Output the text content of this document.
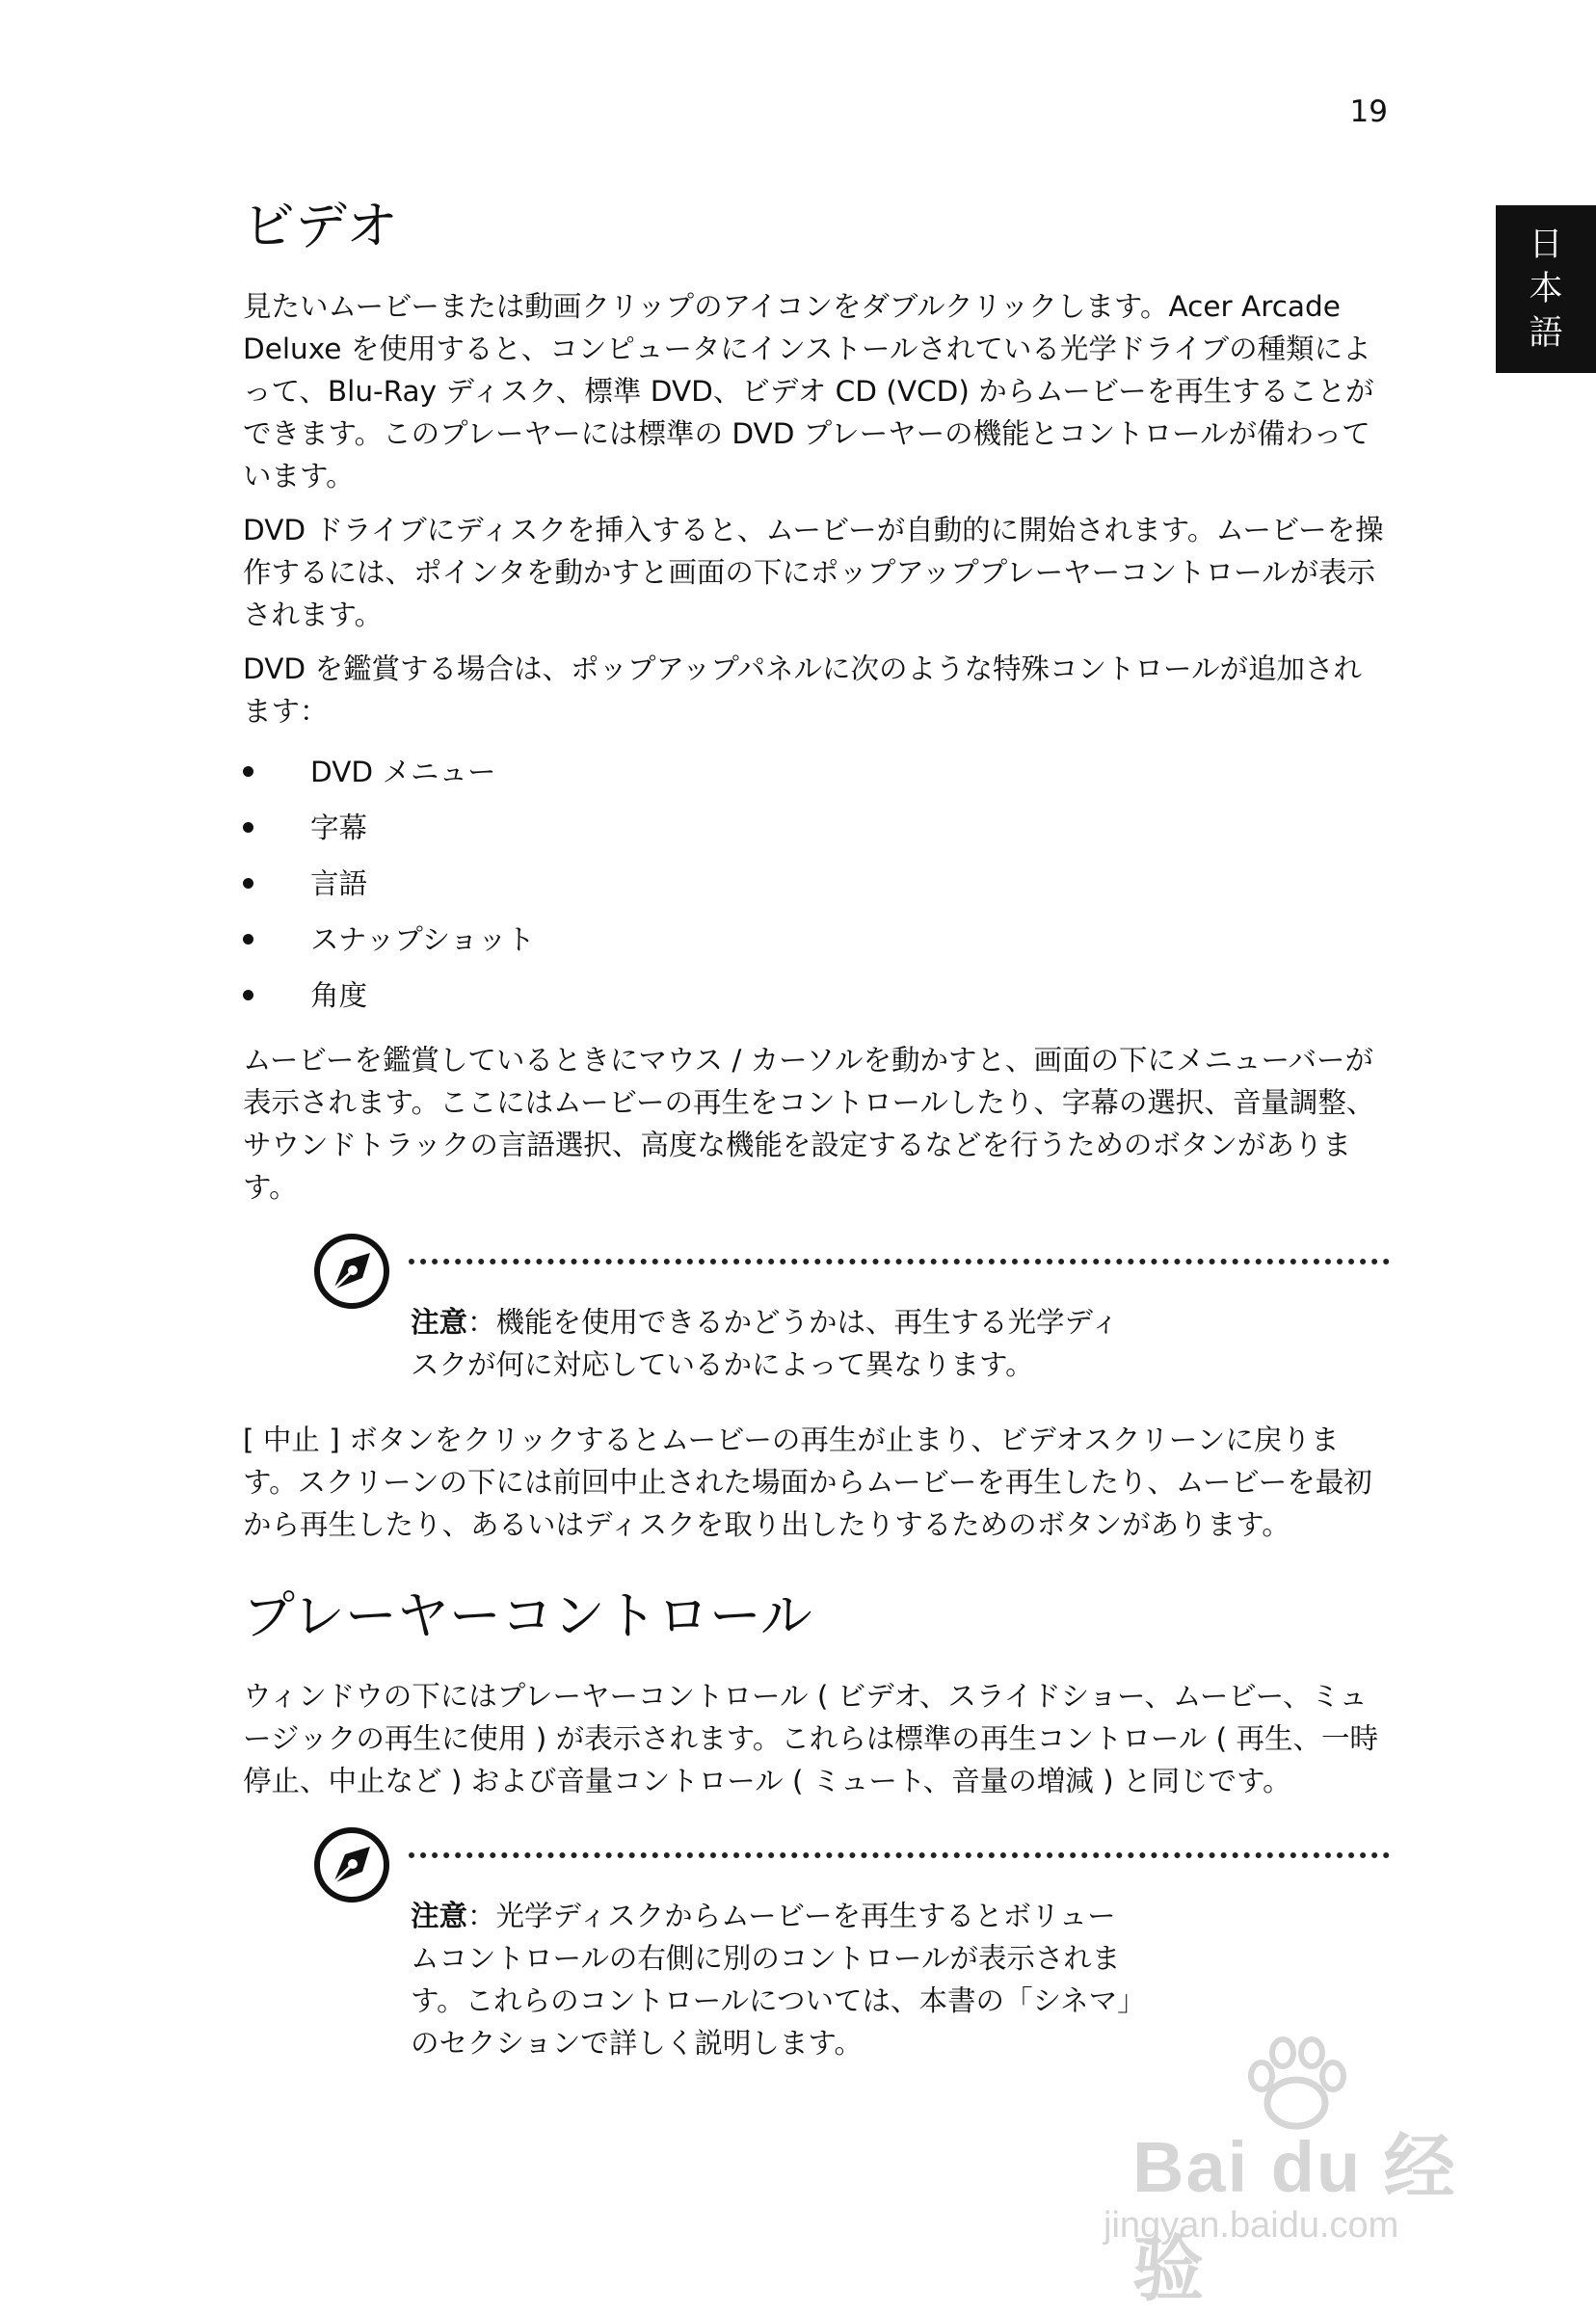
19
日
本
語
ビデオ

見たいムービーまたは動画クリップのアイコンをダブルクリックします。Acer Arcade Deluxe を使用すると、コンピュータにインストールされている光学ドライブの種類によって、Blu-Ray ディスク、標準 DVD、ビデオ CD (VCD) からムービーを再生することができます。このプレーヤーには標準の DVD プレーヤーの機能とコントロールが備わっています。

DVD ドライブにディスクを挿入すると、ムービーが自動的に開始されます。ムービーを操作するには、ポインタを動かすと画面の下にポップアッププレーヤーコントロールが表示されます。

DVD を鑑賞する場合は、ポップアップパネルに次のような特殊コントロールが追加されます：

DVD メニュー
字幕
言語
スナップショット
角度

ムービーを鑑賞しているときにマウス / カーソルを動かすと、画面の下にメニューバーが表示されます。ここにはムービーの再生をコントロールしたり、字幕の選択、音量調整、サウンドトラックの言語選択、高度な機能を設定するなどを行うためのボタンがあります。

注意：機能を使用できるかどうかは、再生する光学ディスクが何に対応しているかによって異なります。

[ 中止 ] ボタンをクリックするとムービーの再生が止まり、ビデオスクリーンに戻ります。スクリーンの下には前回中止された場面からムービーを再生したり、ムービーを最初から再生したり、あるいはディスクを取り出したりするためのボタンがあります。

プレーヤーコントロール

ウィンドウの下にはプレーヤーコントロール ( ビデオ、スライドショー、ムービー、ミュージックの再生に使用 ) が表示されます。これらは標準の再生コントロール ( 再生、一時停止、中止など ) および音量コントロール ( ミュート、音量の増減 ) と同じです。

注意：光学ディスクからムービーを再生するとボリュームコントロールの右側に別のコントロールが表示されます。これらのコントロールについては、本書の「シネマ」のセクションで詳しく説明します。
Bai du 经验
jingyan.baidu.com
